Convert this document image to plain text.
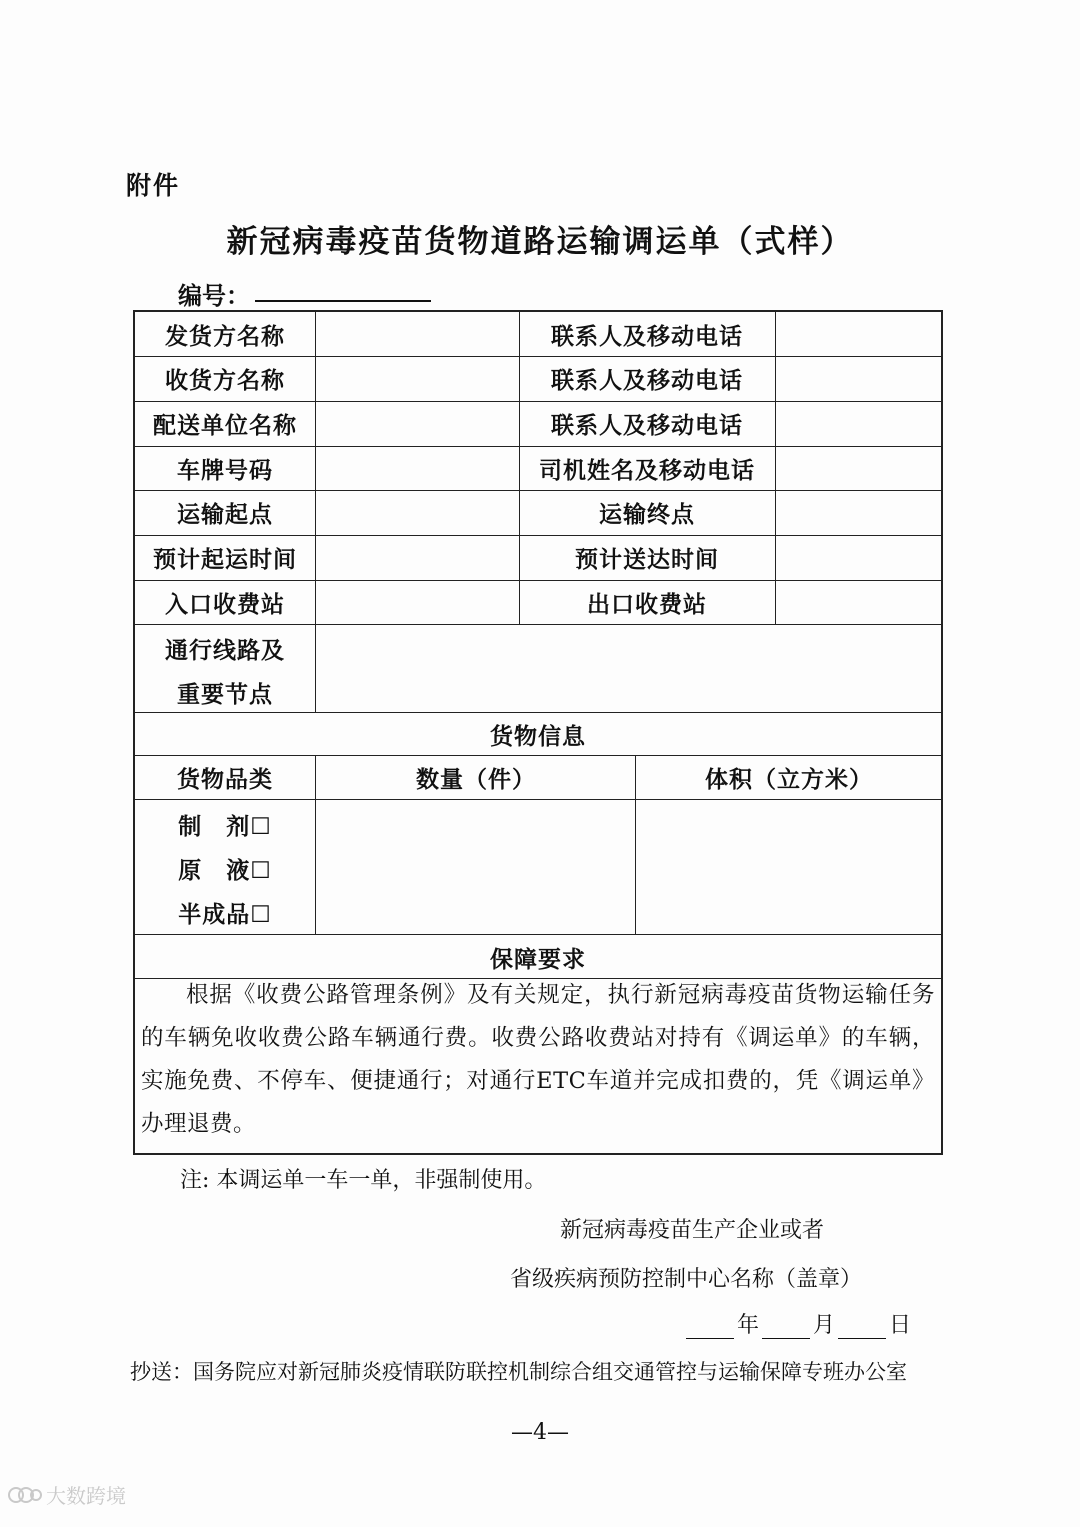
附件
新冠病毒疫苗货物道路运输调运单（式样）
编号：
发货方名称	联系人及移动电话
收货方名称	联系人及移动电话
配送单位名称	联系人及移动电话
车牌号码	司机姓名及移动电话
运输起点	运输终点
预计起运时间	预计送达时间
入口收费站	出口收费站
通行线路及
重要节点
货物信息
货物品类	数量（件）	体积（立方米）
制　剂☐
原　液☐
半成品☐
保障要求

根据《收费公路管理条例》及有关规定，执行新冠病毒疫苗货物运输任务的车辆免收收费公路车辆通行费。收费公路收费站对持有《调运单》的车辆，实施免费、不停车、便捷通行；对通行ETC车道并完成扣费的，凭《调运单》办理退费。

注: 本调运单一车一单，非强制使用。
新冠病毒疫苗生产企业或者
省级疾病预防控制中心名称（盖章）
年 月 日
抄送：国务院应对新冠肺炎疫情联防联控机制综合组交通管控与运输保障专班办公室
—4—
大数跨境
